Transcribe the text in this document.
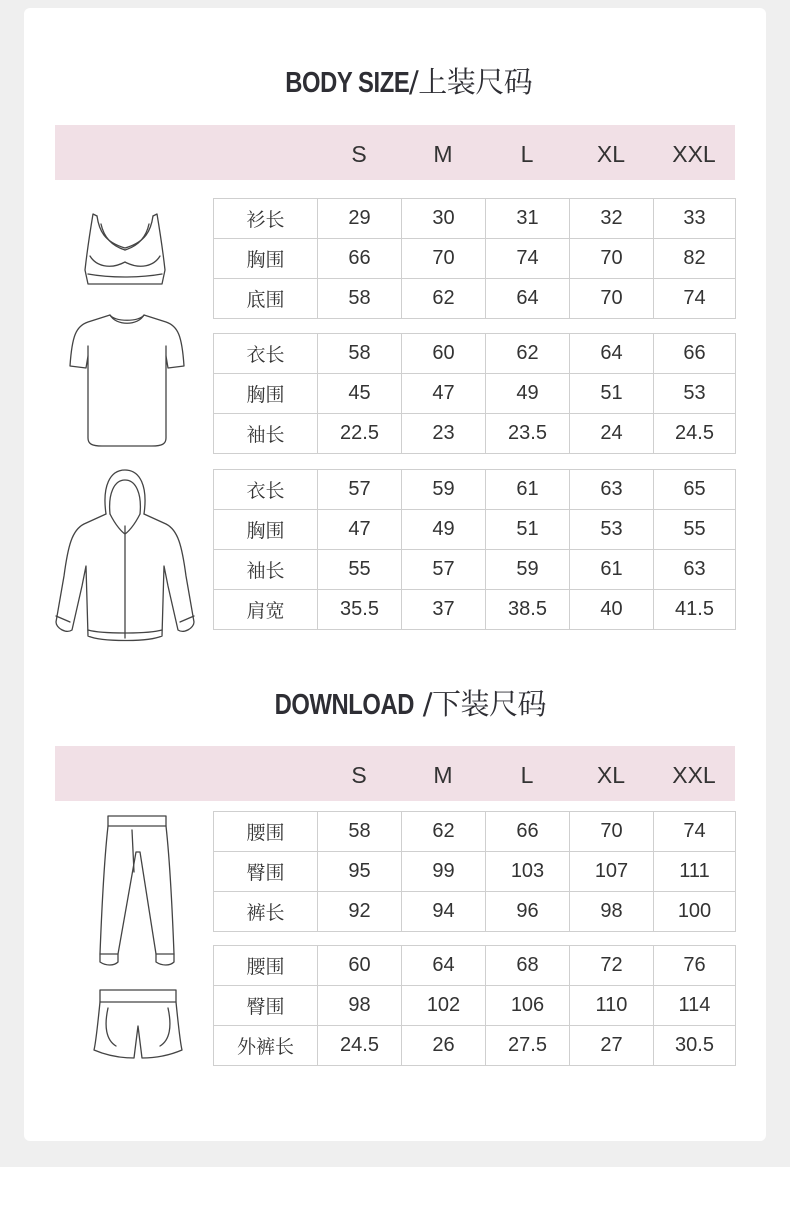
BODY SIZE/上装尺码
S	M	L	XL	XXL
衫长	29	30	31	32	33
胸围	66	70	74	70	82
底围	58	62	64	70	74
衣长	58	60	62	64	66
胸围	45	47	49	51	53
袖长	22.5	23	23.5	24	24.5
衣长	57	59	61	63	65
胸围	47	49	51	53	55
袖长	55	57	59	61	63
肩宽	35.5	37	38.5	40	41.5
DOWNLOAD /下装尺码
S	M	L	XL	XXL
腰围	58	62	66	70	74
臀围	95	99	103	107	111
裤长	92	94	96	98	100
腰围	60	64	68	72	76
臀围	98	102	106	110	114
外裤长	24.5	26	27.5	27	30.5
